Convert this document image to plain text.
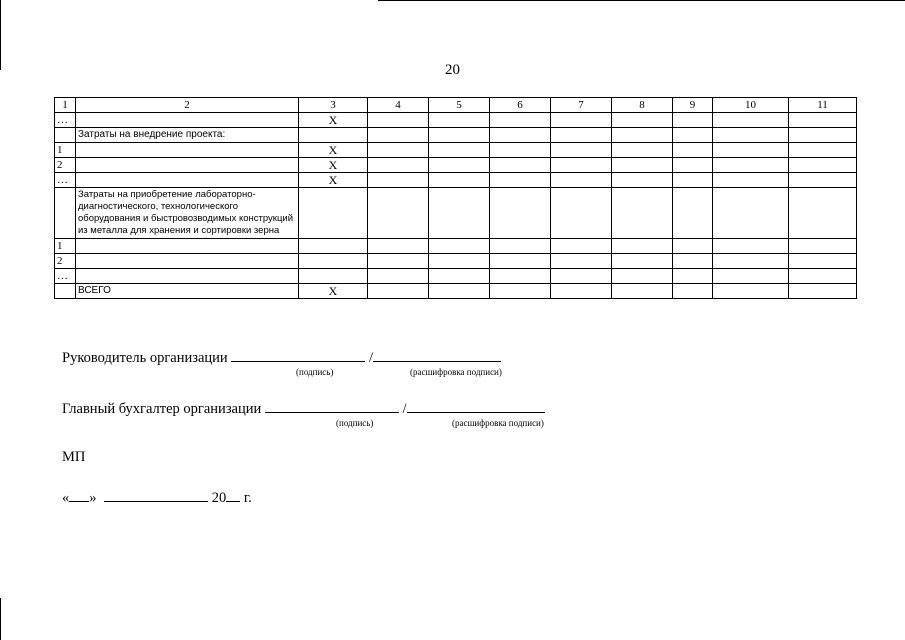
20
1	2	3	4	5	6	7	8	9	10	11
…		Х								
	Затраты на внедрение проекта:									
1		Х								
2		Х								
…		Х								
	Затраты на приобретение лабораторно-диагностического, технологического оборудования и быстровозводимых конструкций из металла для хранения и сортировки зерна									
1										
2										
…										
	ВСЕГО	Х								
Руководитель организации	/
(подпись)	(расшифровка подписи)
Главный бухгалтер организации	/
(подпись)	(расшифровка подписи)
МП
« »	20 г.
